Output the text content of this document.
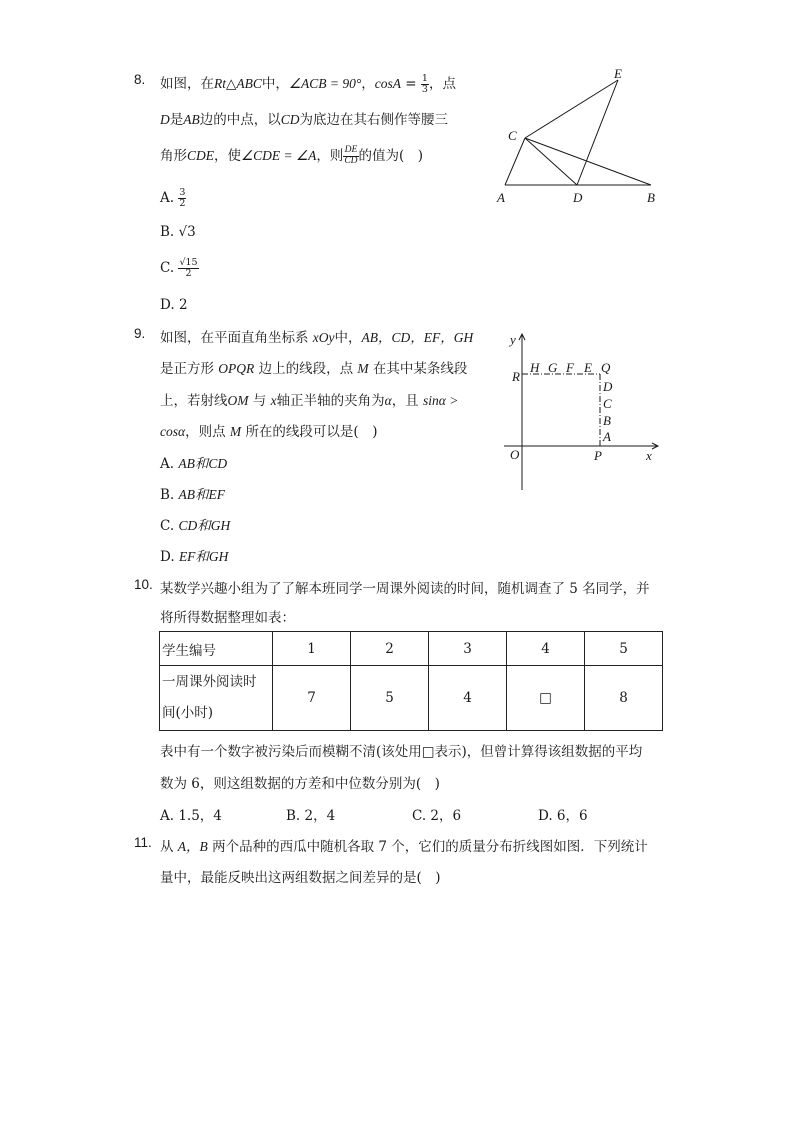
8. 如图，在Rt△ABC中，∠ACB = 90°，$\cos A = \frac{1}{3}$ ，点
D是AB边的中点，以CD为底边在其右侧作等腰三
角形CDE，使∠CDE = ∠A，则 $\frac{DE}{CD}$ 的值为(　)
A. $\frac{3}{2}$
B. √3
C. $\frac{√15}{2}$
D. 2
E
C
A	D	B
9. 如图，在平面直角坐标系 xOy中，AB，CD，EF，GH
是正方形 OPQR 边上的线段，点 M 在其中某条线段
上，若射线OM 与 x轴正半轴的夹角为α，且 sinα >
cosα，则点 M 所在的线段可以是(　)
A. AB和CD
B. AB和EF
C. CD和GH
D. EF和GH
y
x
O	P
R
H G F E Q
D
C
B
A
10. 某数学兴趣小组为了了解本班同学一周课外阅读的时间，随机调查了 5 名同学，并
将所得数据整理如表：
学生编号	1	2	3	4	5
一周课外阅读时
间(小时)	7	5	4	□	8
表中有一个数字被污染后而模糊不清(该处用□表示)，但曾计算得该组数据的平均
数为 6，则这组数据的方差和中位数分别为(　)
A. 1.5，4	B. 2，4	C. 2，6	D. 6，6
11. 从 A，B 两个品种的西瓜中随机各取 7 个，它们的质量分布折线图如图．下列统计
量中，最能反映出这两组数据之间差异的是(　)
